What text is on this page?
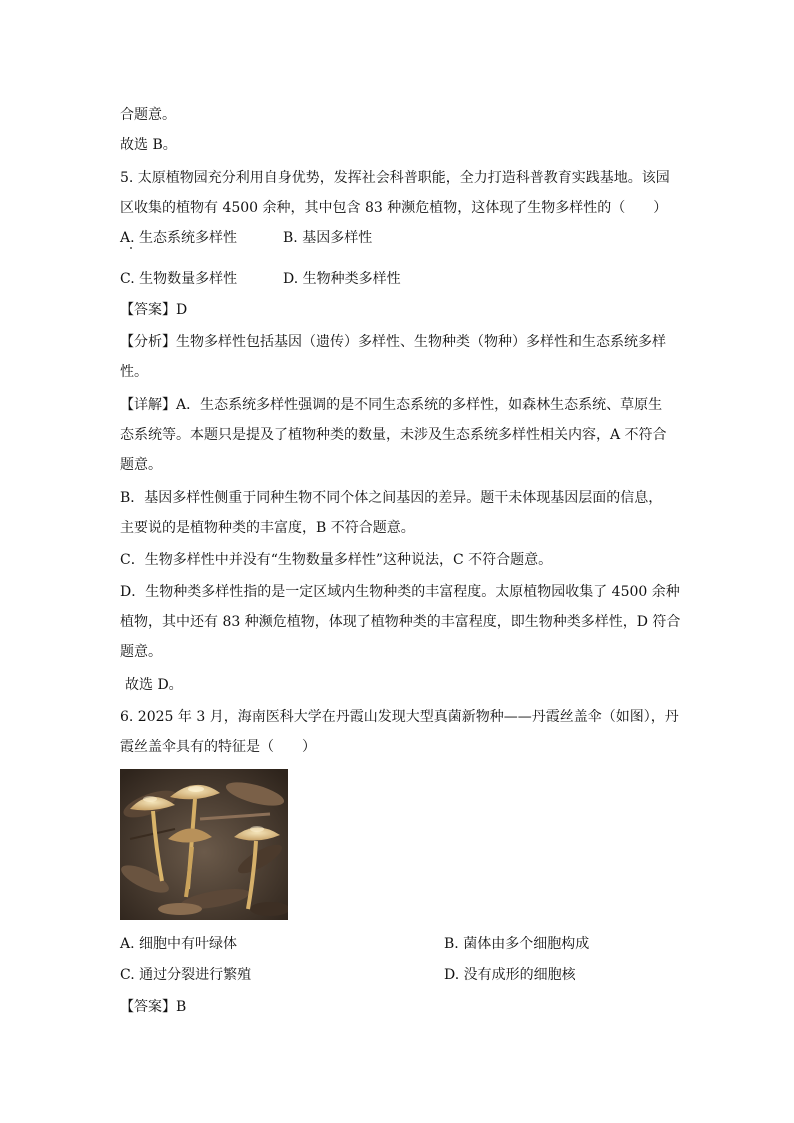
合题意。
故选 B。
5. 太原植物园充分利用自身优势，发挥社会科普职能，全力打造科普教育实践基地。该园
区收集的植物有 4500 余种，其中包含 83 种濒危植物，这体现了生物多样性的（　　）
A. 生态系统多样性	B. 基因多样性
C. 生物数量多样性	D. 生物种类多样性
【答案】D
【分析】生物多样性包括基因（遗传）多样性、生物种类（物种）多样性和生态系统多样
性。
【详解】A．生态系统多样性强调的是不同生态系统的多样性，如森林生态系统、草原生
态系统等。本题只是提及了植物种类的数量，未涉及生态系统多样性相关内容，A 不符合
题意。
B．基因多样性侧重于同种生物不同个体之间基因的差异。题干未体现基因层面的信息，
主要说的是植物种类的丰富度，B 不符合题意。
C．生物多样性中并没有“生物数量多样性”这种说法，C 不符合题意。
D．生物种类多样性指的是一定区域内生物种类的丰富程度。太原植物园收集了 4500 余种
植物，其中还有 83 种濒危植物，体现了植物种类的丰富程度，即生物种类多样性，D 符合
题意。
故选 D。
6. 2025 年 3 月，海南医科大学在丹霞山发现大型真菌新物种——丹霞丝盖伞（如图），丹
霞丝盖伞具有的特征是（　　）
A. 细胞中有叶绿体	B. 菌体由多个细胞构成
C. 通过分裂进行繁殖	D. 没有成形的细胞核
【答案】B
